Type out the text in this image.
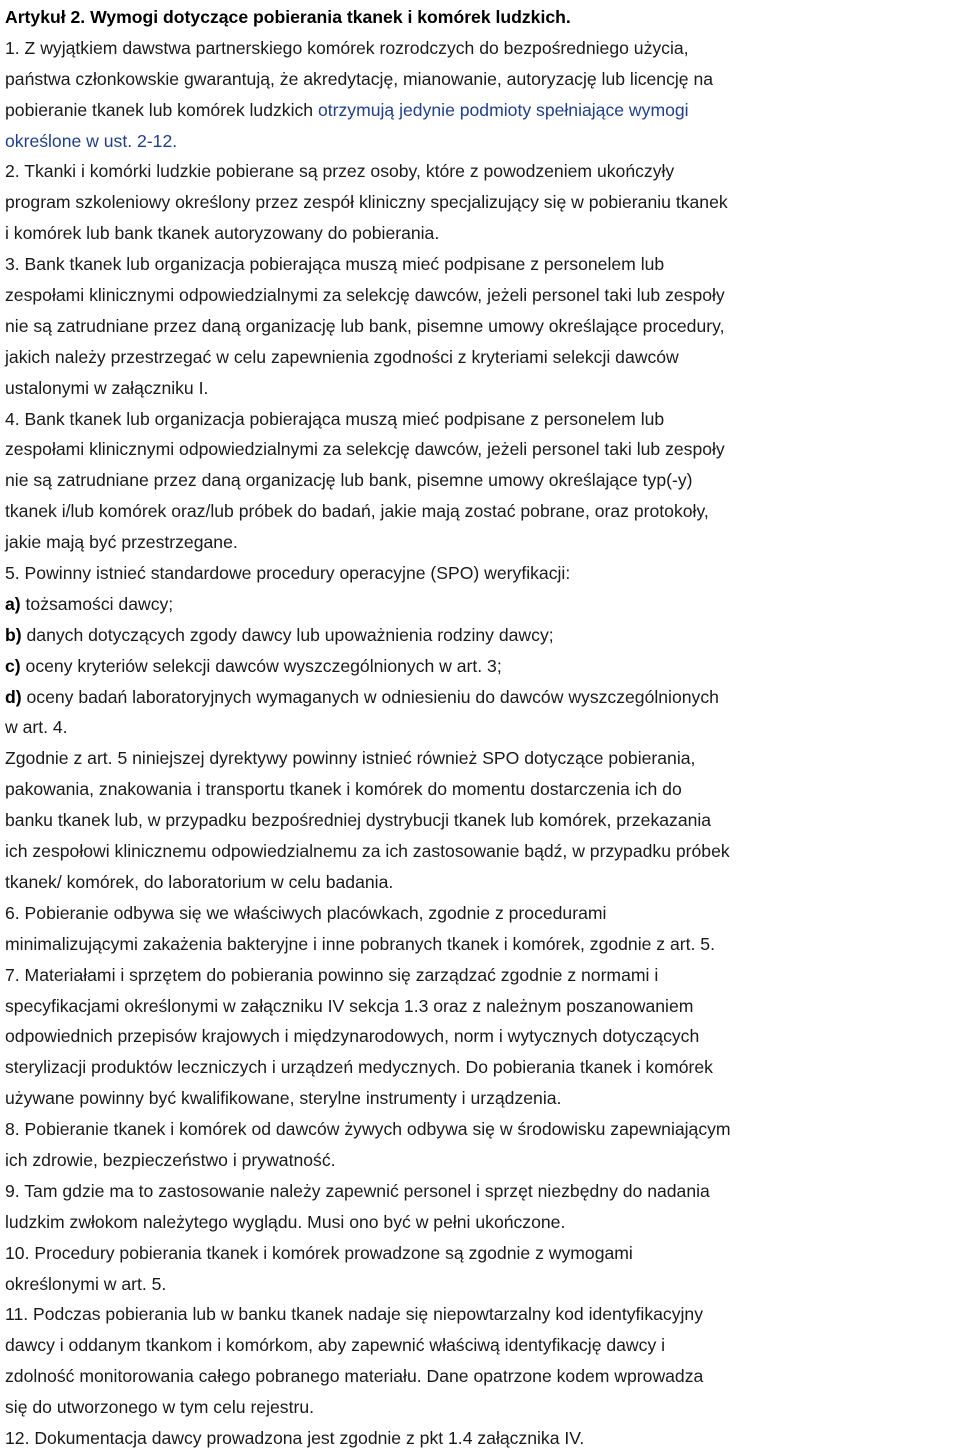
Artykuł 2. Wymogi dotyczące pobierania tkanek i komórek ludzkich.
1. Z wyjątkiem dawstwa partnerskiego komórek rozrodczych do bezpośredniego użycia,
państwa członkowskie gwarantują, że akredytację, mianowanie, autoryzację lub licencję na
pobieranie tkanek lub komórek ludzkich otrzymują jedynie podmioty spełniające wymogi
określone w ust. 2-12.
2. Tkanki i komórki ludzkie pobierane są przez osoby, które z powodzeniem ukończyły
program szkoleniowy określony przez zespół kliniczny specjalizujący się w pobieraniu tkanek
i komórek lub bank tkanek autoryzowany do pobierania.
3. Bank tkanek lub organizacja pobierająca muszą mieć podpisane z personelem lub
zespołami klinicznymi odpowiedzialnymi za selekcję dawców, jeżeli personel taki lub zespoły
nie są zatrudniane przez daną organizację lub bank, pisemne umowy określające procedury,
jakich należy przestrzegać w celu zapewnienia zgodności z kryteriami selekcji dawców
ustalonymi w załączniku I.
4. Bank tkanek lub organizacja pobierająca muszą mieć podpisane z personelem lub
zespołami klinicznymi odpowiedzialnymi za selekcję dawców, jeżeli personel taki lub zespoły
nie są zatrudniane przez daną organizację lub bank, pisemne umowy określające typ(-y)
tkanek i/lub komórek oraz/lub próbek do badań, jakie mają zostać pobrane, oraz protokoły,
jakie mają być przestrzegane.
5. Powinny istnieć standardowe procedury operacyjne (SPO) weryfikacji:
a) tożsamości dawcy;
b) danych dotyczących zgody dawcy lub upoważnienia rodziny dawcy;
c) oceny kryteriów selekcji dawców wyszczególnionych w art. 3;
d) oceny badań laboratoryjnych wymaganych w odniesieniu do dawców wyszczególnionych
w art. 4.
Zgodnie z art. 5 niniejszej dyrektywy powinny istnieć również SPO dotyczące pobierania,
pakowania, znakowania i transportu tkanek i komórek do momentu dostarczenia ich do
banku tkanek lub, w przypadku bezpośredniej dystrybucji tkanek lub komórek, przekazania
ich zespołowi klinicznemu odpowiedzialnemu za ich zastosowanie bądź, w przypadku próbek
tkanek/ komórek, do laboratorium w celu badania.
6. Pobieranie odbywa się we właściwych placówkach, zgodnie z procedurami
minimalizującymi zakażenia bakteryjne i inne pobranych tkanek i komórek, zgodnie z art. 5.
7. Materiałami i sprzętem do pobierania powinno się zarządzać zgodnie z normami i
specyfikacjami określonymi w załączniku IV sekcja 1.3 oraz z należnym poszanowaniem
odpowiednich przepisów krajowych i międzynarodowych, norm i wytycznych dotyczących
sterylizacji produktów leczniczych i urządzeń medycznych. Do pobierania tkanek i komórek
używane powinny być kwalifikowane, sterylne instrumenty i urządzenia.
8. Pobieranie tkanek i komórek od dawców żywych odbywa się w środowisku zapewniającym
ich zdrowie, bezpieczeństwo i prywatność.
9. Tam gdzie ma to zastosowanie należy zapewnić personel i sprzęt niezbędny do nadania
ludzkim zwłokom należytego wyglądu. Musi ono być w pełni ukończone.
10. Procedury pobierania tkanek i komórek prowadzone są zgodnie z wymogami
określonymi w art. 5.
11. Podczas pobierania lub w banku tkanek nadaje się niepowtarzalny kod identyfikacyjny
dawcy i oddanym tkankom i komórkom, aby zapewnić właściwą identyfikację dawcy i
zdolność monitorowania całego pobranego materiału. Dane opatrzone kodem wprowadza
się do utworzonego w tym celu rejestru.
12. Dokumentacja dawcy prowadzona jest zgodnie z pkt 1.4 załącznika IV.
